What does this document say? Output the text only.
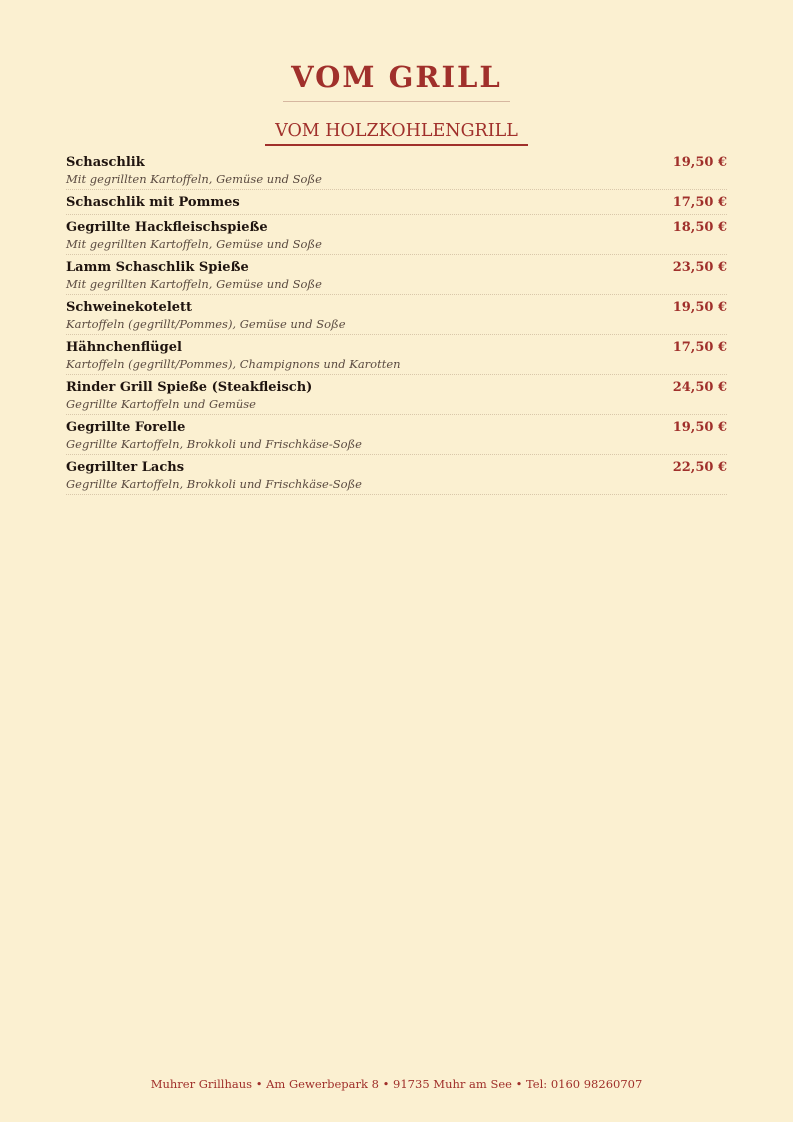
VOM GRILL
VOM HOLZKOHLENGRILL
Schaschlik	19,50 €
Mit gegrillten Kartoffeln, Gemüse und Soße
Schaschlik mit Pommes	17,50 €
Gegrillte Hackfleischspieße	18,50 €
Mit gegrillten Kartoffeln, Gemüse und Soße
Lamm Schaschlik Spieße	23,50 €
Mit gegrillten Kartoffeln, Gemüse und Soße
Schweinekotelett	19,50 €
Kartoffeln (gegrillt/Pommes), Gemüse und Soße
Hähnchenflügel	17,50 €
Kartoffeln (gegrillt/Pommes), Champignons und Karotten
Rinder Grill Spieße (Steakfleisch)	24,50 €
Gegrillte Kartoffeln und Gemüse
Gegrillte Forelle	19,50 €
Gegrillte Kartoffeln, Brokkoli und Frischkäse-Soße
Gegrillter Lachs	22,50 €
Gegrillte Kartoffeln, Brokkoli und Frischkäse-Soße
Muhrer Grillhaus • Am Gewerbepark 8 • 91735 Muhr am See • Tel: 0160 98260707
